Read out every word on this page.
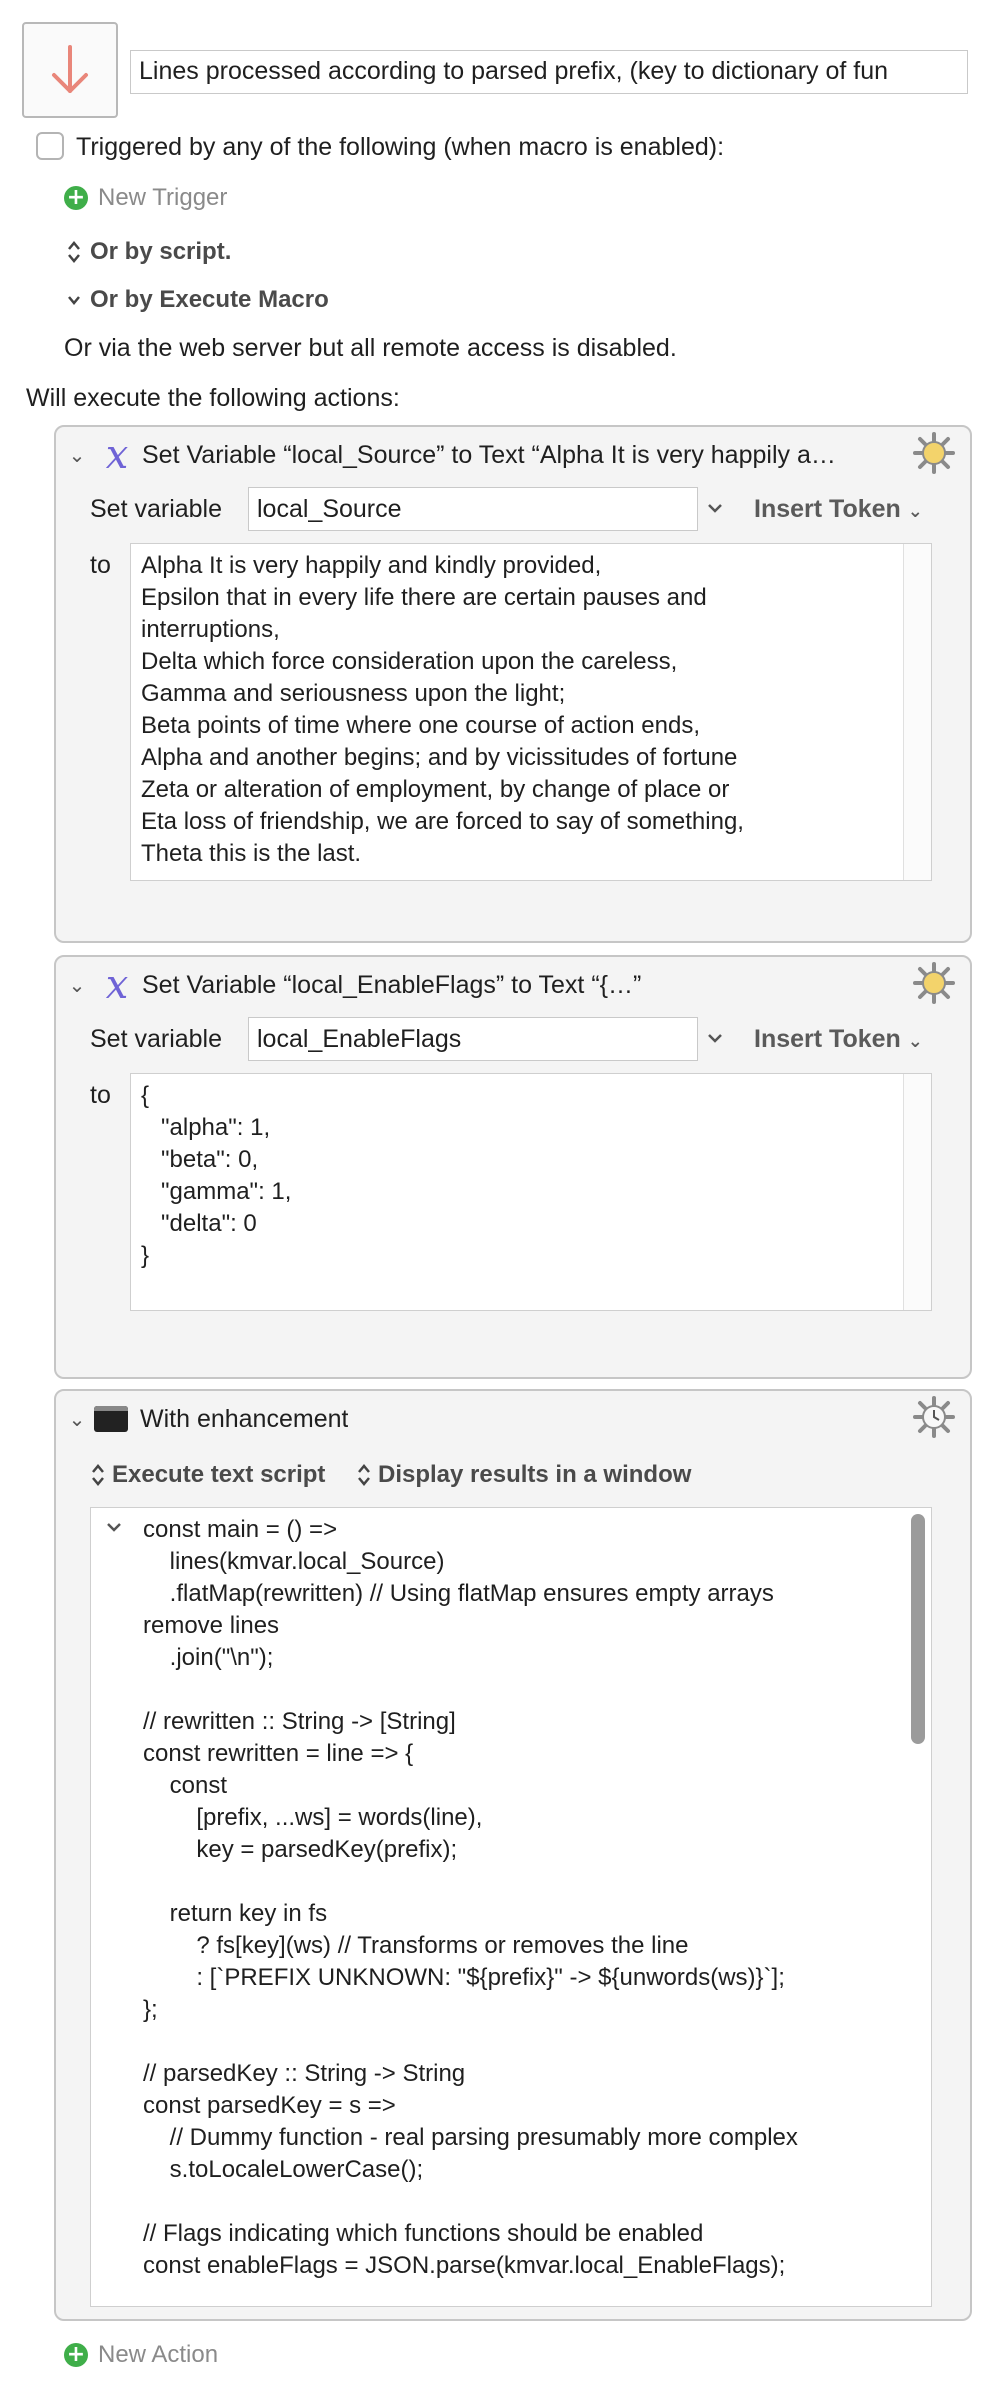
Lines processed according to parsed prefix, (key to dictionary of fun
Triggered by any of the following (when macro is enabled):
+ New Trigger
Or by script.
Or by Execute Macro
Or via the web server but all remote access is disabled.
Will execute the following actions:
⌄ 𝑥 Set Variable “local_Source” to Text “Alpha It is very happily a…
Set variable	local_Source	Insert Token ⌄
to Alpha It is very happily and kindly provided,
Epsilon that in every life there are certain pauses and
interruptions,
Delta which force consideration upon the careless,
Gamma and seriousness upon the light;
Beta points of time where one course of action ends,
Alpha and another begins; and by vicissitudes of fortune
Zeta or alteration of employment, by change of place or
Eta loss of friendship, we are forced to say of something,
Theta this is the last.
⌄ 𝑥 Set Variable “local_EnableFlags” to Text “{…”
Set variable	local_EnableFlags	Insert Token ⌄
to {
"alpha": 1,
"beta": 0,
"gamma": 1,
"delta": 0
}
⌄ With enhancement
Execute text script Display results in a window
const main = () =>
lines(kmvar.local_Source)
.flatMap(rewritten) // Using flatMap ensures empty arrays
remove lines
.join("\n");

// rewritten :: String -> [String]
const rewritten = line => {
const
[prefix, ...ws] = words(line),
key = parsedKey(prefix);

return key in fs
? fs[key](ws) // Transforms or removes the line
: [`PREFIX UNKNOWN: "${prefix}" -> ${unwords(ws)}`];
};

// parsedKey :: String -> String
const parsedKey = s =>
// Dummy function - real parsing presumably more complex
s.toLocaleLowerCase();

// Flags indicating which functions should be enabled
const enableFlags = JSON.parse(kmvar.local_EnableFlags);
+ New Action
